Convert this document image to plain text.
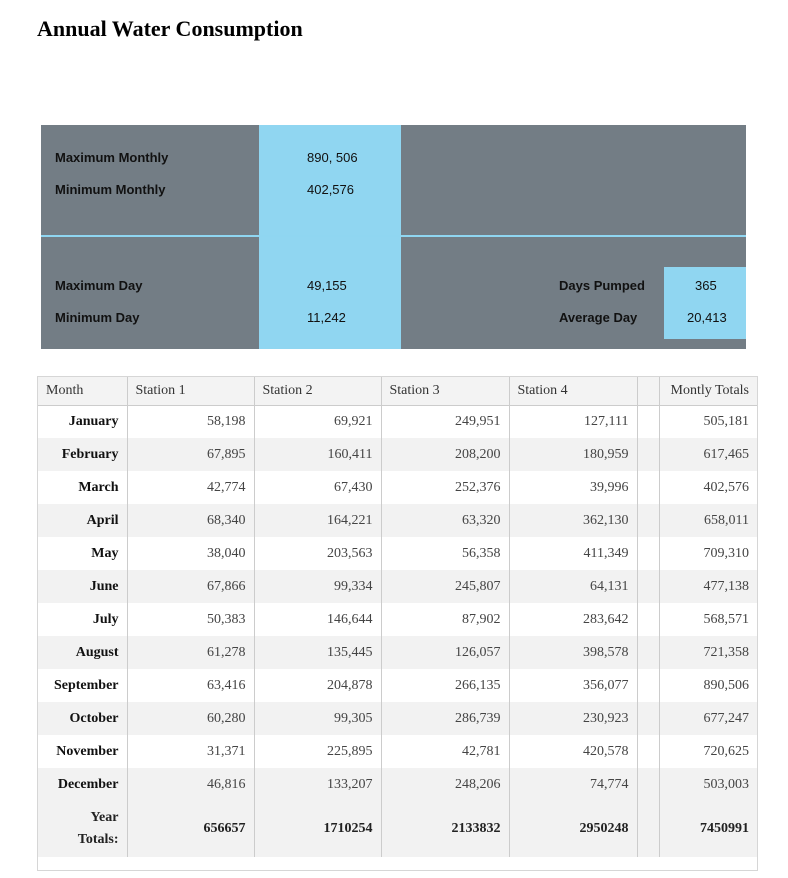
Annual Water Consumption
Maximum Monthly	890, 506
Minimum Monthly	402,576
Maximum Day	49,155
Minimum Day	11,242
Days Pumped	365
Average Day	20,413
Month	Station 1	Station 2	Station 3	Station 4		Montly Totals
January	58,198	69,921	249,951	127,111		505,181
February	67,895	160,411	208,200	180,959		617,465
March	42,774	67,430	252,376	39,996		402,576
April	68,340	164,221	63,320	362,130		658,011
May	38,040	203,563	56,358	411,349		709,310
June	67,866	99,334	245,807	64,131		477,138
July	50,383	146,644	87,902	283,642		568,571
August	61,278	135,445	126,057	398,578		721,358
September	63,416	204,878	266,135	356,077		890,506
October	60,280	99,305	286,739	230,923		677,247
November	31,371	225,895	42,781	420,578		720,625
December	46,816	133,207	248,206	74,774		503,003

Year
Totals:	656657	1710254	2133832	2950248		7450991
